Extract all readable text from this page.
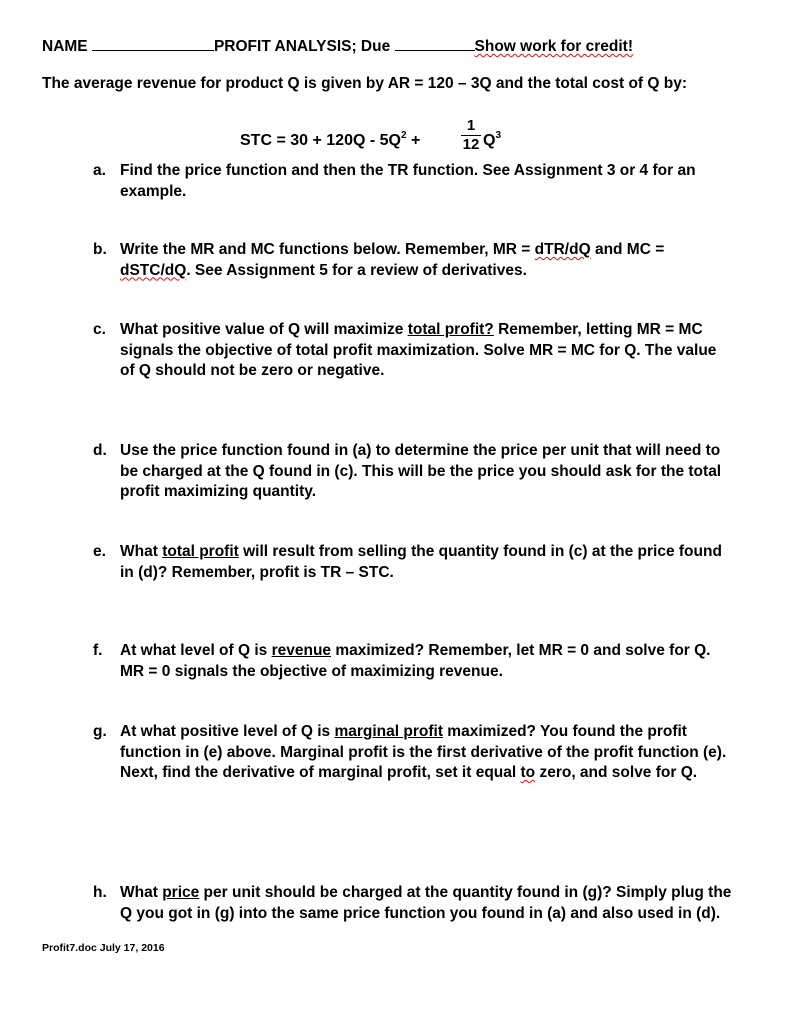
NAME	PROFIT ANALYSIS; Due	Show work for credit!
The average revenue for product Q is given by AR = 120 – 3Q and the total cost of Q by:
STC = $30 + 120Q - 5Q^2$ +
1
12 $Q^3$
a. Find the price function and then the TR function. See Assignment 3 or 4 for an example.
b. Write the MR and MC functions below. Remember, MR = dTR/dQ and MC = dSTC/dQ. See Assignment 5 for a review of derivatives.
c. What positive value of Q will maximize total profit? Remember, letting MR = MC signals the objective of total profit maximization. Solve MR = MC for Q. The value of Q should not be zero or negative.
d. Use the price function found in (a) to determine the price per unit that will need to be charged at the Q found in (c). This will be the price you should ask for the total profit maximizing quantity.
e. What total profit will result from selling the quantity found in (c) at the price found in (d)? Remember, profit is TR – STC.
f.	At what level of Q is revenue maximized? Remember, let MR = 0 and solve for Q. MR = 0 signals the objective of maximizing revenue.
g. At what positive level of Q is marginal profit maximized? You found the profit function in (e) above. Marginal profit is the first derivative of the profit function (e). Next, find the derivative of marginal profit, set it equal to zero, and solve for Q.
h. What price per unit should be charged at the quantity found in (g)? Simply plug the Q you got in (g) into the same price function you found in (a) and also used in (d).
Profit7.doc July 17, 2016
